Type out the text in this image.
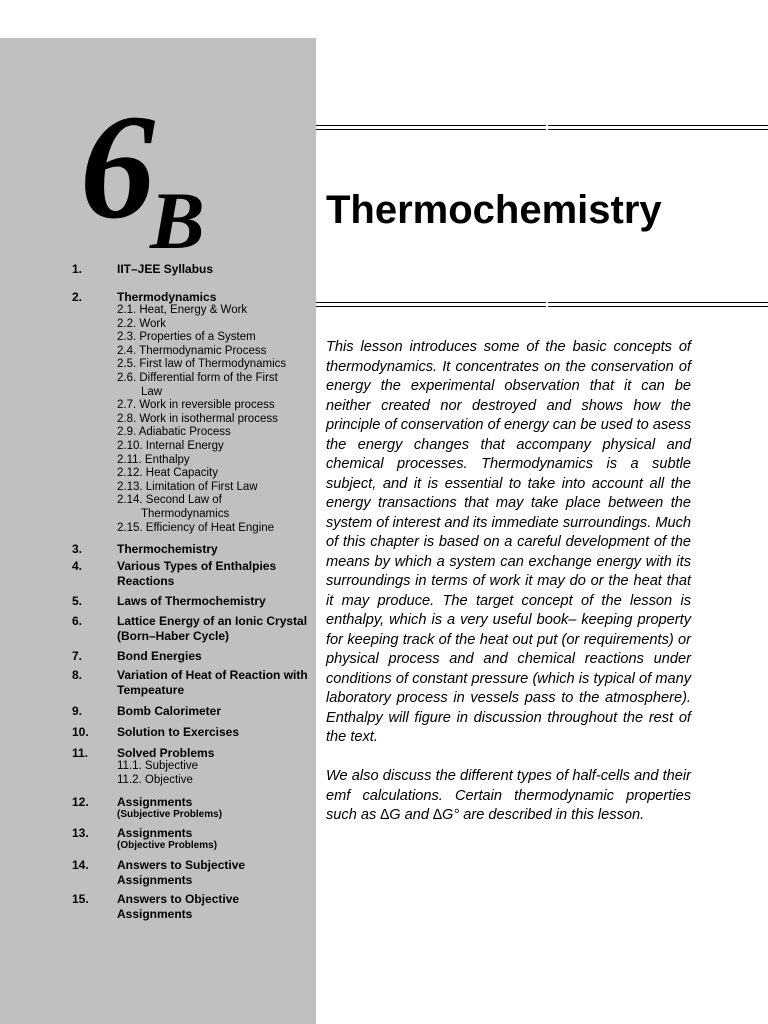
6
B	Thermochemistry
1.	IIT–JEE Syllabus
2.	Thermodynamics
2.1. Heat, Energy & Work
2.2. Work
2.3. Properties of a System
2.4. Thermodynamic Process
2.5. First law of Thermodynamics
2.6. Differential form of the First
Law
2.7. Work in reversible process
2.8. Work in isothermal process
2.9. Adiabatic Process
2.10. Internal Energy
2.11. Enthalpy
2.12. Heat Capacity
2.13. Limitation of First Law
2.14. Second Law of
Thermodynamics
2.15. Efficiency of Heat Engine
3.	Thermochemistry
4.	Various Types of Enthalpies Reactions
5.	Laws of Thermochemistry
6.	Lattice Energy of an Ionic Crystal (Born–Haber Cycle)
7.	Bond Energies
8.	Variation of Heat of Reaction with Tempeature
9.	Bomb Calorimeter
10.	Solution to Exercises
11.	Solved Problems
11.1. Subjective
11.2. Objective
12.	Assignments
(Subjective Problems)
13.	Assignments
(Objective Problems)
14.	Answers to Subjective Assignments
15.	Answers to Objective Assignments

This lesson introduces some of the basic concepts of thermodynamics. It concentrates on the conservation of energy the experimental observation that it can be neither created nor destroyed and shows how the principle of conservation of energy can be used to asess the energy changes that accompany physical and chemical processes. Thermodynamics is a subtle subject, and it is essential to take into account all the energy transactions that may take place between the system of interest and its immediate surroundings. Much of this chapter is based on a careful development of the means by which a system can exchange energy with its surroundings in terms of work it may do or the heat that it may produce. The target concept of the lesson is enthalpy, which is a very useful book– keeping property for keeping track of the heat out put (or requirements) or physical process and and chemical reactions under conditions of constant pressure (which is typical of many laboratory process in vessels pass to the atmosphere). Enthalpy will figure in discussion throughout the rest of the text.

We also discuss the different types of half-cells and their emf calculations. Certain thermodynamic properties such as ∆G and ∆G° are described in this lesson.
